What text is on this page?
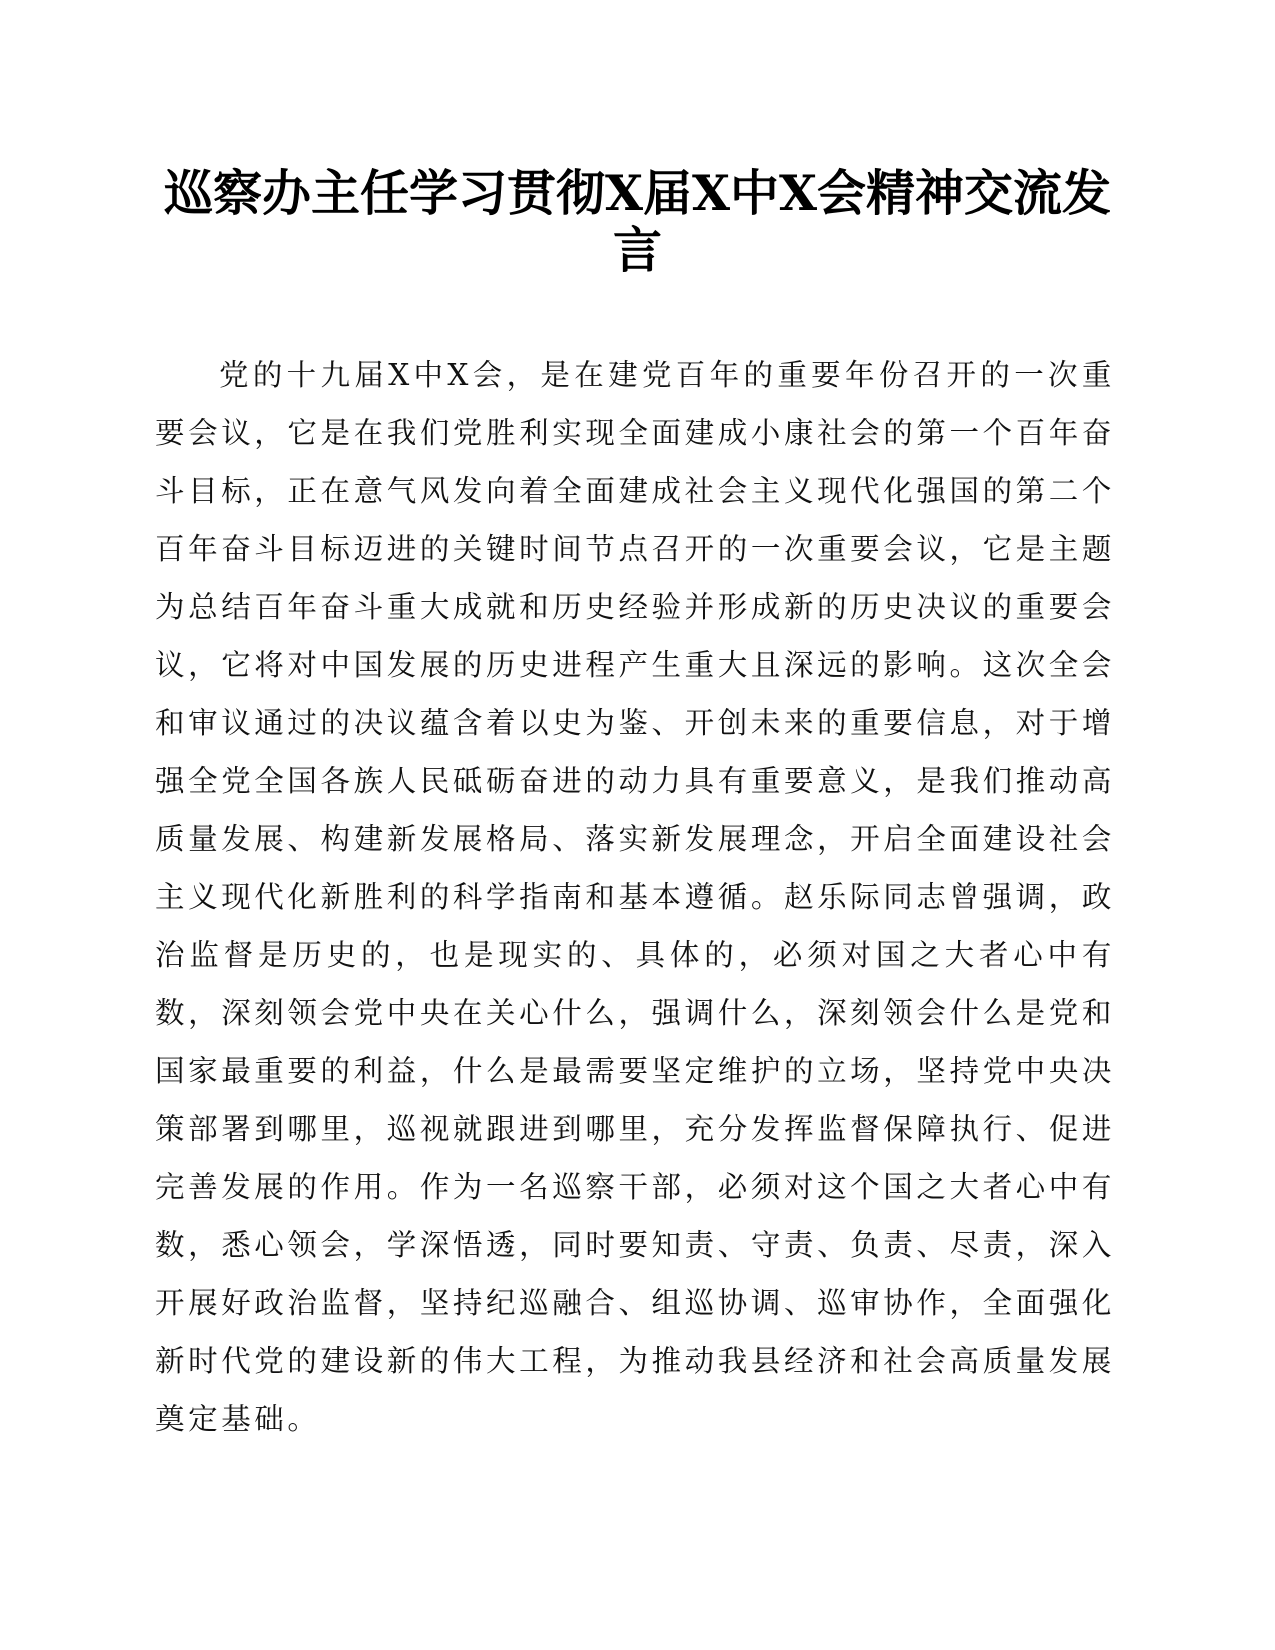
巡察办主任学习贯彻X届X中X会精神交流发言

党的十九届X中X会，是在建党百年的重要年份召开的一次重要会议，它是在我们党胜利实现全面建成小康社会的第一个百年奋斗目标，正在意气风发向着全面建成社会主义现代化强国的第二个百年奋斗目标迈进的关键时间节点召开的一次重要会议，它是主题为总结百年奋斗重大成就和历史经验并形成新的历史决议的重要会议，它将对中国发展的历史进程产生重大且深远的影响。这次全会和审议通过的决议蕴含着以史为鉴、开创未来的重要信息，对于增强全党全国各族人民砥砺奋进的动力具有重要意义，是我们推动高质量发展、构建新发展格局、落实新发展理念，开启全面建设社会主义现代化新胜利的科学指南和基本遵循。赵乐际同志曾强调，政治监督是历史的，也是现实的、具体的，必须对国之大者心中有数，深刻领会党中央在关心什么，强调什么，深刻领会什么是党和国家最重要的利益，什么是最需要坚定维护的立场，坚持党中央决策部署到哪里，巡视就跟进到哪里，充分发挥监督保障执行、促进完善发展的作用。作为一名巡察干部，必须对这个国之大者心中有数，悉心领会，学深悟透，同时要知责、守责、负责、尽责，深入开展好政治监督，坚持纪巡融合、组巡协调、巡审协作，全面强化新时代党的建设新的伟大工程，为推动我县经济和社会高质量发展奠定基础。
